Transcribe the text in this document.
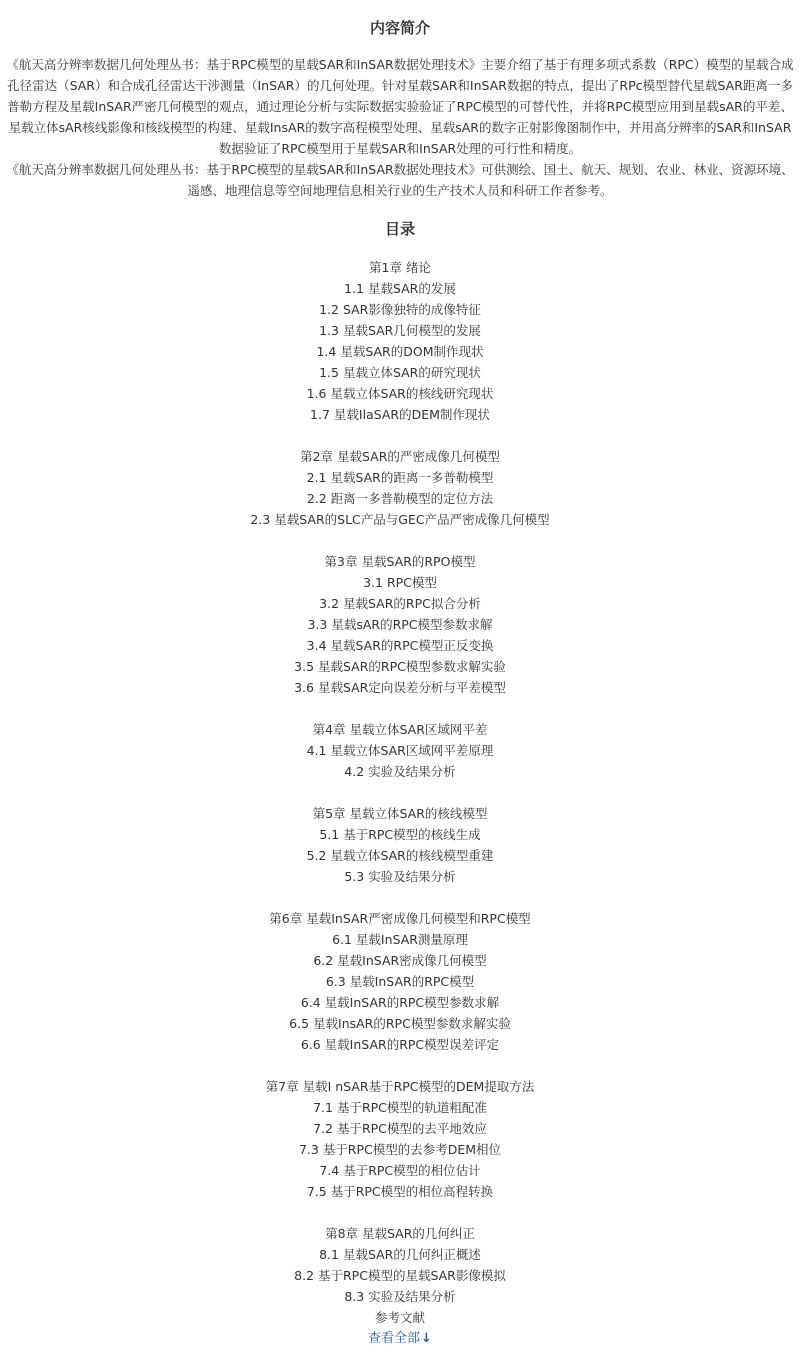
内容简介

《航天高分辨率数据几何处理丛书：基于RPC模型的星载SAR和InSAR数据处理技术》主要介绍了基于有理多项式系数（RPC）模型的星载合成孔径雷达（SAR）和合成孔径雷达干涉测量（InSAR）的几何处理。针对星载SAR和InSAR数据的特点，提出了RPc模型替代星载SAR距离一多普勒方程及星载InSAR严密几何模型的观点，通过理论分析与实际数据实验验证了RPC模型的可替代性，并将RPC模型应用到星载sAR的平差、星载立体sAR核线影像和核线模型的构建、星载InsAR的数字高程模型处理、星载sAR的数字正射影像图制作中，并用高分辨率的SAR和InSAR数据验证了RPC模型用于星载SAR和InSAR处理的可行性和精度。

《航天高分辨率数据几何处理丛书：基于RPC模型的星载SAR和InSAR数据处理技术》可供测绘、国土、航天、规划、农业、林业、资源环境、遥感、地理信息等空间地理信息相关行业的生产技术人员和科研工作者参考。

目录
第1章 绪论
1.1 星载SAR的发展
1.2 SAR影像独特的成像特征
1.3 星载SAR几何模型的发展
1.4 星载SAR的DOM制作现状
1.5 星载立体SAR的研究现状
1.6 星载立体SAR的核线研究现状
1.7 星载IlaSAR的DEM制作现状
第2章 星载SAR的严密成像几何模型
2.1 星载SAR的距离一多普勒模型
2.2 距离一多普勒模型的定位方法
2.3 星载SAR的SLC产品与GEC产品严密成像几何模型
第3章 星载SAR的RPO模型
3.1 RPC模型
3.2 星载SAR的RPC拟合分析
3.3 星载sAR的RPC模型参数求解
3.4 星载SAR的RPC模型正反变换
3.5 星载SAR的RPC模型参数求解实验
3.6 星载SAR定向误差分析与平差模型
第4章 星载立体SAR区域网平差
4.1 星载立体SAR区域网平差原理
4.2 实验及结果分析
第5章 星载立体SAR的核线模型
5.1 基于RPC模型的核线生成
5.2 星载立体SAR的核线模型重建
5.3 实验及结果分析
第6章 星载InSAR严密成像几何模型和RPC模型
6.1 星载InSAR测量原理
6.2 星载InSAR密成像几何模型
6.3 星载InSAR的RPC模型
6.4 星载InSAR的RPC模型参数求解
6.5 星载InsAR的RPC模型参数求解实验
6.6 星载InSAR的RPC模型误差评定
第7章 星载I nSAR基于RPC模型的DEM提取方法
7.1 基于RPC模型的轨道粗配准
7.2 基于RPC模型的去平地效应
7.3 基于RPC模型的去参考DEM相位
7.4 基于RPC模型的相位估计
7.5 基于RPC模型的相位高程转换
第8章 星载SAR的几何纠正
8.1 星载SAR的几何纠正概述
8.2 基于RPC模型的星载SAR影像模拟
8.3 实验及结果分析
参考文献
查看全部↓
